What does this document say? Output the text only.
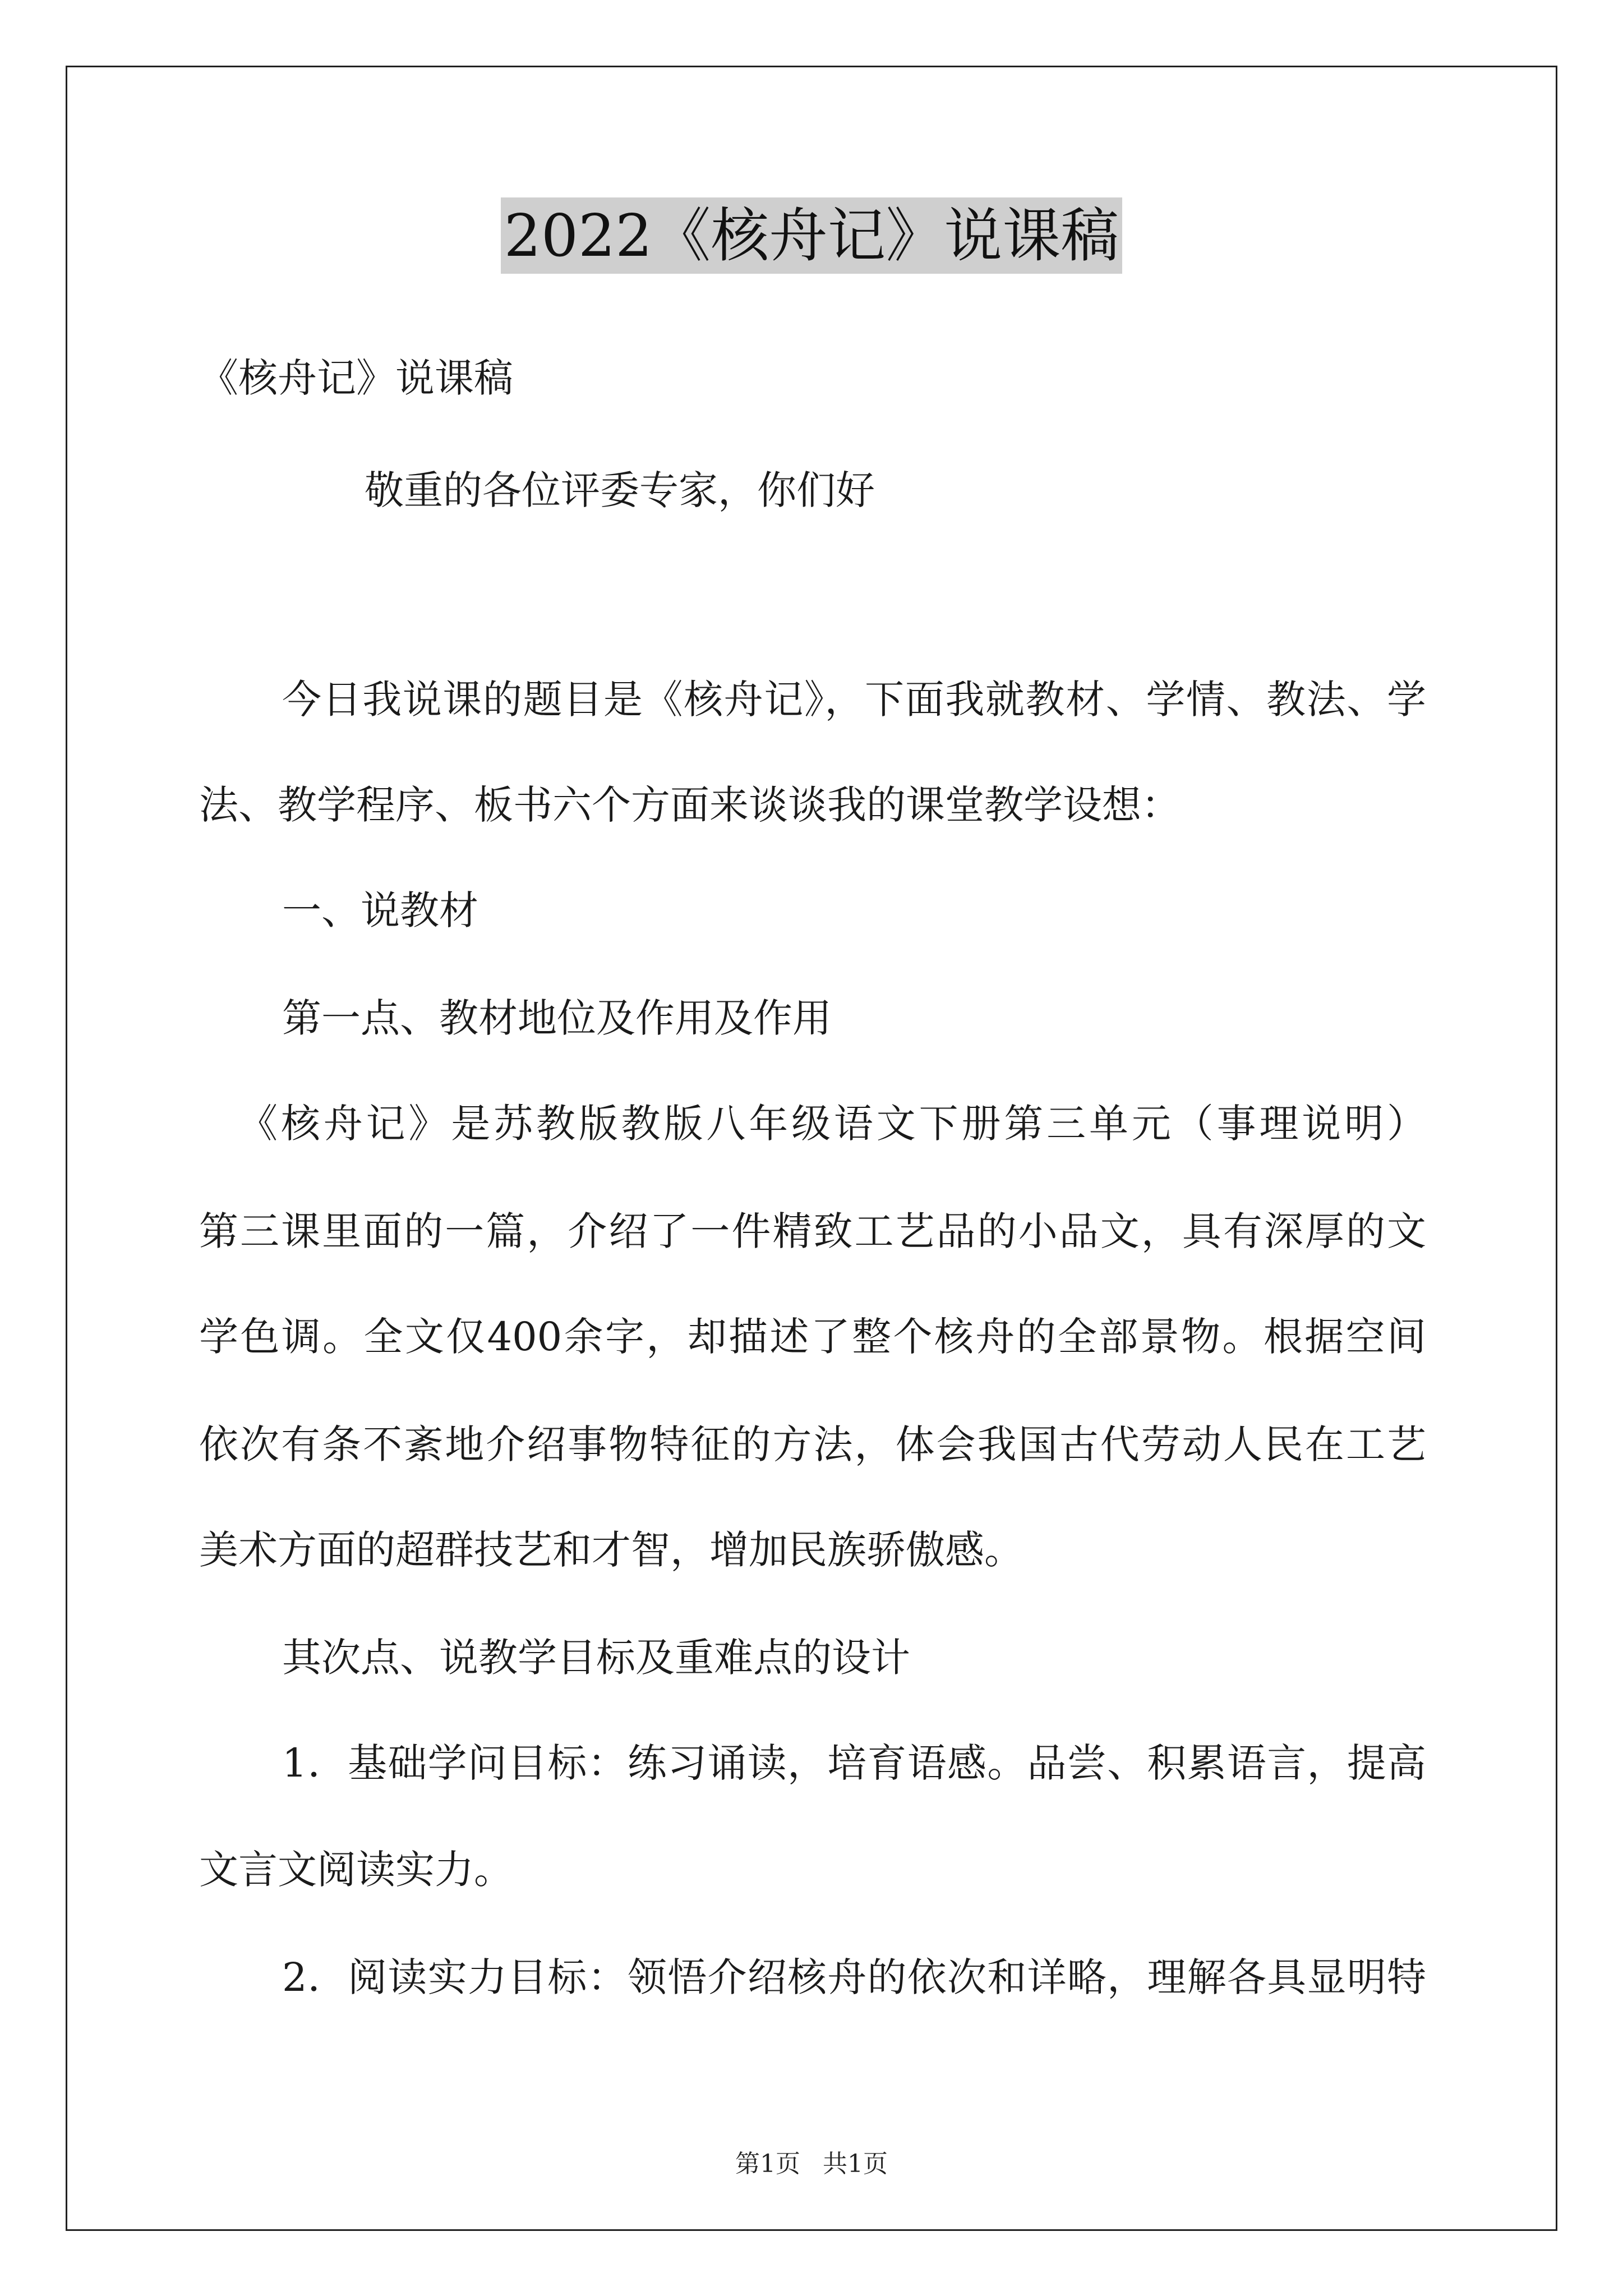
2022《核舟记》说课稿

《核舟记》说课稿

敬重的各位评委专家，你们好

今日我说课的题目是《核舟记》，下面我就教材、学情、教法、学

法、教学程序、板书六个方面来谈谈我的课堂教学设想：

一、说教材

第一点、教材地位及作用及作用

《核舟记》是苏教版教版八年级语文下册第三单元（事理说明）

第三课里面的一篇，介绍了一件精致工艺品的小品文，具有深厚的文

学色调。全文仅400余字，却描述了整个核舟的全部景物。根据空间

依次有条不紊地介绍事物特征的方法，体会我国古代劳动人民在工艺

美术方面的超群技艺和才智，增加民族骄傲感。

其次点、说教学目标及重难点的设计

1．基础学问目标：练习诵读，培育语感。品尝、积累语言，提高

文言文阅读实力。

2．阅读实力目标：领悟介绍核舟的依次和详略，理解各具显明特

第1页 共1页
